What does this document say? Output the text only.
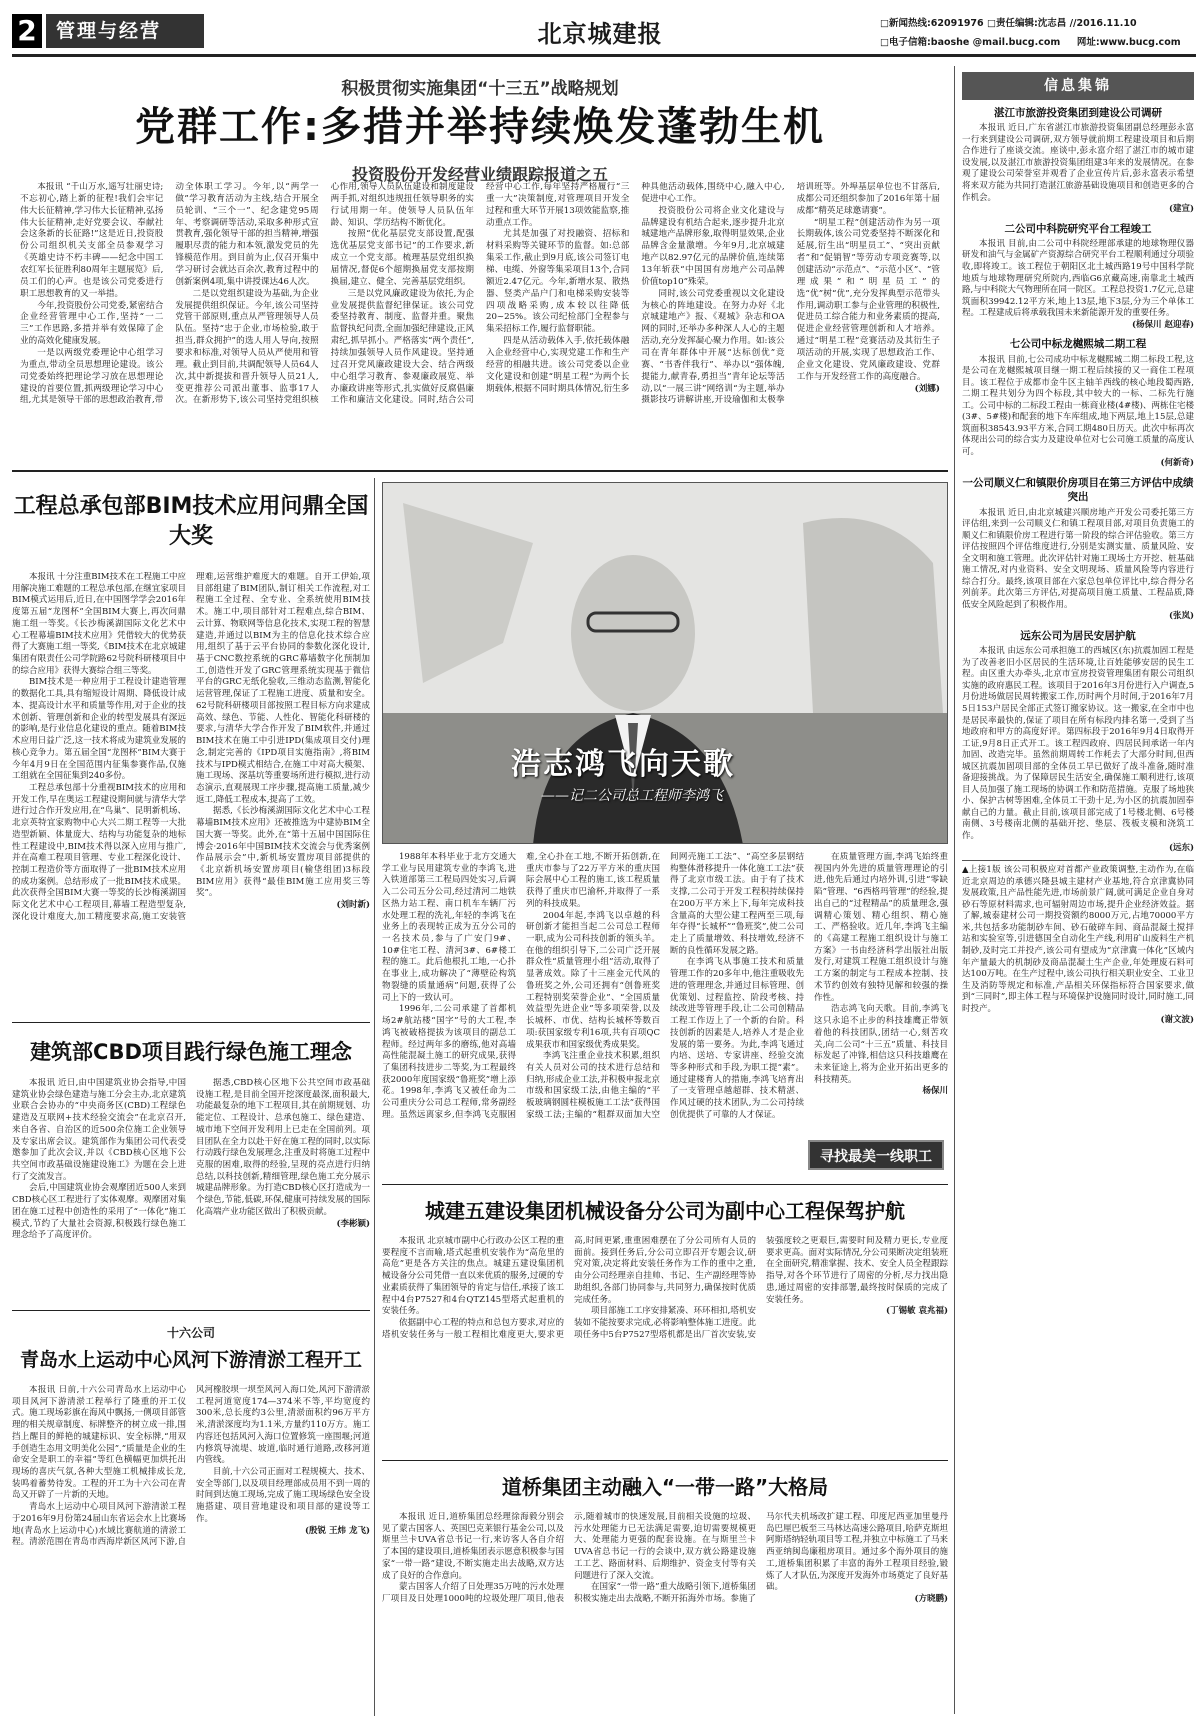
2	管理与经营	北京城建报	□新闻热线:62091976 □责任编辑:沈志昌 //2016.11.10
□电子信箱:baoshe @mail.bucg.com 网址:www.bucg.com
积极贯彻实施集团“十三五”战略规划
党群工作:多措并举持续焕发蓬勃生机
投资股份开发经营业绩跟踪报道之五

本报讯 “千山万水,遥写壮丽史诗;不忘初心,踏上新的征程!我们会牢记伟大长征精神,学习伟大长征精神,弘扬伟大长征精神,走好党要会议、奉献社会这条新的长征路!”这是近日,投资股份公司组织机关支部全员参观学习《英雄史诗不朽丰碑——纪念中国工农红军长征胜利80周年主题展览》后,员工们的心声。也是该公司党委进行职工思想教育的又一举措。

今年,投资股份公司党委,紧密结合企业经营管理中心工作,坚持“一二三”工作思路,多措并举有效保障了企业的高效化健康发展。

一是以两级党委理论中心组学习为重点,带动全员思想理论建设。该公司党委始终把理论学习放在思想理论建设的首要位置,抓两级理论学习中心组,尤其是领导干部的思想政治教育,带动全体职工学习。今年,以“两学一做”学习教育活动为主线,结合开展全员轮训、“三个一”、纪念建党95周年、考察调研等活动,采取多种形式宣贯教育,强化领导干部的担当精神,增强履职尽责的能力和本领,激发党员的先锋模范作用。到目前为止,仅召开集中学习研讨会就达百余次,教育过程中的创新案例4项,集中讲授课达46人次。

二是以党组织建设为基础,为企业发展提供组织保证。今年,该公司坚持党管干部原则,重点从严管理领导人员队伍。坚持“忠于企业,市场检验,敢于担当,群众拥护”的选人用人导向,按照要求和标准,对领导人员从严使用和管理。截止到目前,共调配领导人员64人次,其中新提拔和晋升领导人员21人,变更推荐公司派出董事、监事17人次。在新形势下,该公司坚持党组织核心作用,领导人员队伍建设和制度建设两手抓,对组织违规扭任领导职务的实行试用期一年。使领导人员队伍年龄、知识、学历结构不断优化。

按照“优化基层党支部设置,配强选优基层党支部书记”的工作要求,新成立一个党支部。梳理基层党组织换届情况,督促6个超期换届党支部按期换届,建立、健全、完善基层党组织。

三是以党风廉政建设为依托,为企业发展提供监督纪律保证。该公司党委坚持教育、制度、监督并重。聚焦监督执纪问责,全面加强纪律建设,正风肃纪,抓早抓小。严格落实“两个责任”,持续加强领导人员作风建设。坚持通过召开党风廉政建设大会、结合两级中心组学习教育、参观廉政展览、举办廉政讲座等形式,扎实做好反腐倡廉工作和廉洁文化建设。同时,结合公司经营中心工作,每年坚持严格履行“三重一大”决策制度,对管理项目开发全过程和重大环节开展13项效能监察,推动重点工作。

尤其是加强了对投融资、招标和材料采购等关键环节的监督。如:总部集采工作,截止到9月底,该公司签订电梯、电缆、外窗等集采项目13个,合同额近2.47亿元。今年,新增水泵、散热器、竖类产品户门和电梯采购安装等四项战略采购,成本较以往降低20~25%。该公司纪检部门全程参与集采招标工作,履行监督职能。

四是从活动载体入手,依托载体融入企业经营中心,实现党建工作和生产经营的相融共进。该公司党委以企业文化建设和创建“明星工程”为两个长期载体,根据不同时期具体情况,衍生多种具他活动载体,围绕中心,融入中心,促进中心工作。

投资股份公司将企业文化建设与品牌建设有机结合起来,逐步提升北京城建地产品牌形象,取得明显效果,企业品牌含金量激增。今年9月,北京城建地产以82.97亿元的品牌价值,连续第13年斩获“中国国有房地产公司品牌价值top10”殊荣。

同时,该公司党委重视以文化建设为核心的阵地建设。在努力办好《北京城建地产》报、《观城》杂志和OA网的同时,还举办多种深人人心的主题活动,充分发挥凝心聚力作用。如:该公司在青年群体中开展“达标创优”竞赛、“书香伴我行”、举办以“强体魄,提能力,献青春,勇担当”青年论坛等活动,以“一展三讲”网络训“为主题,举办摄影技巧讲解讲座,开设瑜伽和太极拳培训班等。外埠基层单位也不甘落后,成都公司还组织参加了2016年第十届成都“精英足球邀请赛”。

“明星工程”创建活动作为另一项长期载体,该公司党委坚持不断深化和延展,衍生出“明星员工”、“突出贡献者”和“促销智”等劳动专项竞赛等,以创建活动“示范点”、“示范小区”、“管理成果”和“明星员工”的选“优”树“优”,充分发挥典型示范带头作用,调动职工参与企业管理的积极性,促进员工综合能力和业务素质的提高,促进企业经营管理创新和人才培养。通过“明星工程”竞赛活动及其衍生子项活动的开展,实现了思想政治工作、企业文化建设、党风廉政建设、党群工作与开发经营工作的高度融合。

(刘娜)
信息集锦
湛江市旅游投资集团到建设公司调研

本报讯 近日,广东省湛江市旅游投资集团副总经理彭永富一行来到建设公司调研,双方领导就前期工程建设项目和后期合作进行了座谈交流。座谈中,彭永富介绍了湛江市的城市建设发展,以及湛江市旅游投资集团组建3年来的发展情况。在参观了建设公司荣誉室并观看了企业宣传片后,彭永富表示希望将来双方能为共同打造湛江旅游基础设施项目和创造更多的合作机会。

(建宣)
二公司中科院研究平台工程竣工

本报讯 目前,由二公司中科院经理部承建的地球物理仪器研发和油气与金属矿产资源综合研究平台工程顺利通过分项验收,即将竣工。该工程位于朝阳区北土城西路19号中国科学院地质与地球物理研究所院内,西临G6京藏高速,南靠北土城西路,与中科院大气物理所在同一院区。工程总投资1.7亿元,总建筑面积39942.12平方米,地上13层,地下3层,分为三个单体工程。工程建成后将承载我国未来新能源开发的重要任务。

(杨保川 赵迎春)
七公司中标龙樾熙城二期工程

本报讯 目前,七公司成功中标龙樾熙城二期二标段工程,这是公司在龙樾熙城项目继一期工程后续接的又一商住工程项目。该工程位于成都市金牛区主轴羊西线的核心地段蜀西路,二期工程共划分为四个标段,其中较大的一标、二标先行施工。公司中标的二标段工程由一栋商业楼(4#楼)、两栋住宅楼(3#、5#楼)和配套的地下车库组成,地下两层,地上15层,总建筑面积38543.93平方米,合同工期480日历天。此次中标再次体现出公司的综合实力及建设单位对七公司施工质量的高度认可。

(何新奇)
一公司顺义仁和镇限价房项目在第三方评估中成绩突出

本报讯 近日,由北京城建兴顺房地产开发公司委托第三方评估组,来到一公司顺义仁和镇工程项目部,对项目负责施工的顺义仁和镇限价房工程进行第一阶段的综合评估验收。第三方评估按照四个评估维度进行,分别是实测实量、质量风险、安全文明和施工管理。此次评估针对施工现场土方开挖、桩基础施工情况,对内业资料、安全文明现场、质量风险等内容进行综合打分。最终,该项目部在六家总包单位评比中,综合得分名列前茅。此次第三方评估,对提高项目施工质量、工程品质,降低安全风险起到了积极作用。

(张岚)
远东公司为居民安居护航

本报讯 由远东公司承担施工的西城区(东)抗震加固工程是为了改善老旧小区居民的生活环境,让百姓能够安居的民生工程。由区重大办牵头,北京市宣房投资管理集团有限公司组织实施的政府惠民工程。该项目于2016年3月份进行入户调查,5月份进场做居民周转搬家工作,历时两个月时间,于2016年7月5日153户居民全部正式签订搬家协议。这一搬家,在全市中也是居民率最快的,保证了项目在所有标段内排名第一,受到了当地政府和甲方的高度好评。第四标段于2016年9月4日取得开工证,9月8日正式开工。该工程四政府、四居民间承诺一年内加固、改造完毕。虽然前期周转工作耗去了大部分时间,但西城区抗震加固项目部的全体员工早已做好了战斗准备,随时准备迎接挑战。为了保障居民生活安全,确保施工顺利进行,该项目人员加强了施工现场的协调工作和防范措施。克服了场地狭小、保护古树等困难,全体员工干劲十足,为小区的抗震加固奉献自己的力量。截止目前,该项目部完成了1号楼北侧、6号楼南侧、3号楼南北侧的基础开挖、垫层、筏板支模和浇筑工作。

(远东)

▲上接1版 该公司积极应对首都产业政策调整,主动作为,在临近北京周边的承德兴隆县城主建材产业基地,符合京津冀协同发展政策,且产品性能先进,市场前景广阔,就可满足企业自身对砂石等原材料需求,也可辐射周边市场,提升企业经济效益。据了解,城泰建材公司一期投资额约8000万元,占地70000平方米,共包括多功能制砂车间、砂石破碎车间、商品混凝土搅拌站和实验室等,引进德国全自动化生产线,利用矿山废料生产机制砂,及时完工并投产,该公司有望成为“京津冀一体化”区域内年产量最大的机制砂及商品混凝土生产企业,年处理废石料可达100万吨。在生产过程中,该公司执行相关职业安全、工业卫生及消防等规定和标准,产品相关环保指标符合国家要求,做到“三同时”,即主体工程与环境保护设施同时设计,同时施工,同时投产。

(谢文波)
工程总承包部BIM技术应用问鼎全国大奖

本报讯 十分注重BIM技术在工程施工中应用解决施工难题的工程总承包部,在继宜家项目BIM模式运用后,近日,在中国图学学会2016年度第五届“龙图杯”全国BIM大赛上,再次问鼎施工组一等奖。《长沙梅溪湖国际文化艺术中心工程幕墙BIM技术应用》凭借较大的优势获得了大赛施工组一等奖,《BIM技术在北京城建集团有限责任公司学院路62号院科研楼项目中的综合应用》获得大赛综合组三等奖。

BIM技术是一种应用于工程设计建造管理的数据化工具,具有缩短设计周期、降低设计成本、提高设计水平和质量等作用,对于企业的技术创新、管理创新和企业的转型发展具有深远的影响,是行业信息化建设的重点。随着BIM技术应用日益广泛,这一技术将成为建筑业发展的核心竞争力。第五届全国“龙图杯”BIM大赛于今年4月9日在全国范围内征集参赛作品,仅施工组就在全国征集到240多份。

工程总承包部十分重视BIM技术的应用和开发工作,早在奥运工程建设期间就与清华大学进行过合作开发应用,在“鸟巢”、昆明新机场、北京英特宜家购物中心大兴二期工程等一大批造型新颖、体量庞大、结构与功能复杂的地标性工程建设中,BIM技术得以深入应用与推广,并在高难工程项目管理、专业工程深化设计、控制工程造价等方面取得了一批BIM技术应用的成功案例。总结形成了一批BIM技术成果。此次获得全国BIM大赛一等奖的长沙梅溪湖国际文化艺术中心工程项目,幕墙工程造型复杂,深化设计难度大,加工精度要求高,施工安装管理难,运营维护难度大的难题。自开工伊始,项目部组建了BIM团队,制订相关工作流程,对工程施工全过程、全专业、全系统使用BIM技术。施工中,项目部针对工程难点,综合BIM、云计算、物联网等信息化技术,实现工程的智慧建造,并通过以BIM为主的信息化技术综合应用,组织了基于云平台协同的参数化深化设计,基于CNC数控系统的GRC幕墙数字化预制加工,创造性开发了GRC管理系统实现基于微信平台的GRC无纸化验收,三维动态监测,智能化运营管理,保证了工程施工进度、质量和安全。62号院科研楼项目部按照工程目标方向求建成高效、绿色、节能、人性化、智能化科研楼的要求,与清华大学合作开发了BIM软件,并通过BIM技术在施工中引进IPD(集成项目交付)理念,制定完善的《IPD项目实施指南》,将BIM技术与IPD模式相结合,在施工中对高大模架、施工现场、深基坑等重要场所进行模拟,进行动态演示,直观展现工序步骤,提高施工质量,减少返工,降低工程成本,提高了工效。

据悉,《长沙梅溪湖国际文化艺术中心工程幕墙BIM技术应用》还被推选为中建协BIM全国大赛一等奖。此外,在“第十五届中国国际住博会·2016年中国BIM技术交流会与优秀案例作品展示会”中,新机场安置房项目部提供的《北京新机场安置房项目(榆垡组团)3标段BIM应用》获得“最佳BIM施工应用奖三等奖”。

(刘时新)
建筑部CBD项目践行绿色施工理念

本报讯 近日,由中国建筑业协会指导,中国建筑业协会绿色建造与施工分会主办,北京建筑业联合会协办的“中央商务区(CBD)工程绿色建造及互联网+技术经验交流会”在北京召开,来自各省、自治区的近500余位施工企业领导及专家出席会议。建筑部作为集团公司代表受邀参加了此次会议,并以《CBD核心区地下公共空间市政基础设施建设施工》为题在会上进行了交流发言。

会后,中国建筑业协会观摩团近500人来到CBD核心区工程进行了实体观摩。观摩团对集团在施工过程中创造性的采用了“一体化”施工模式,节约了大量社会资源,积极践行绿色施工理念给予了高度评价。

据悉,CBD核心区地下公共空间市政基础设施工程,是目前全国开挖深度最深,面积最大,功能最复杂的地下工程项目,其在前期规划、功能定位、工程设计、总承包施工、绿色建造、城市地下空间开发利用上已走在全国前列。项目团队在全力以赴干好在施工程的同时,以实际行动践行绿色发展理念,注重及时将施工过程中克服的困难,取得的经验,呈现的亮点进行归纳总结,以科技创新,精细管理,绿色施工充分展示城建品牌形象。为打造CBD核心区打造成为一个绿色,节能,低碳,环保,健康可持续发展的国际化高端产业功能区做出了积极贡献。

(李彬颖)
十六公司
青岛水上运动中心风河下游清淤工程开工

本报讯 日前,十六公司青岛水上运动中心项目风河下游清淤工程举行了隆重的开工仪式。施工现场彩旗在海风中飘扬,一侧项目部管理的相关规章制度、标牌整齐的树立成一排,围挡上醒目的鲜艳的城建标识、安全标牌,“用双手创造生态用文明美化公园”,“质量是企业的生命安全是职工的幸福”等红色横幅更加烘托出现场的喜庆气氛,各种大型施工机械排成长龙,装鸣着蓄势待发。工程的开工为十六公司在青岛又开辟了一片新的天地。

青岛水上运动中心项目风河下游清淤工程于2016年9月份第24届山东省运会水上比赛场地(青岛水上运动中心)水域比赛航道的清淤工程。清淤范围在青岛市西海岸新区风河下游,自风河橡胶坝一坝至风河入海口处,风河下游清淤工程河道宽度174—374米不等,平均宽度约300米,总长度约3公里,清淤面积约96万平方米,清淤深度均为1.1米,方量约110万方。施工内容还包括风河入海口位置修筑一座围堰;河道内修筑导流堤、坡道,临时通行道路,改移河道内管线。

目前,十六公司正面对工程规模大、技术、安全等部门,以及项目经理部成员用不到一周的时间到达施工现场,完成了施工现场绿色安全设施搭建、项目营地建设和项目部的建设等工作。

(殷锐 王炜 龙飞)
浩志鸿飞向天歌
——记二公司总工程师李鸿飞

1988年本科毕业于北方交通大学工业与民用建筑专业的李鸿飞,进入铁道部第三工程局四处实习,后调入二公司五分公司,经过清河二地铁区热力站工程、南口机车车辆厂污水处理工程的洗礼,年轻的李鸿飞在业务上的表现转正成为五分公司的一名技术员,参与了广安门9#、10#住宅工程、清河3#、6#楼工程的施工。此后他根扎工地,一心扑在事业上,成功解决了“薄壁砼构筑物裂缝的质量通病”问题,获得了公司上下的一致认可。

1996年,二公司承建了首都机场2#航站楼“国字”号的大工程,李鸿飞被破格提拔为该项目的副总工程师。经过两年多的磨练,他对高墙高性能混凝土施工的研究成果,获得了集团科技进步二等奖,为工程最终获2000年度国家级“鲁班奖”增上添花。1998年,李鸿飞又被任命为二公司重庆分公司总工程师,常务副经理。虽然远离家乡,但李鸿飞克服困难,全心扑在工地,不断开拓创新,在重庆市参与了22万平方米的重庆国际会展中心工程的施工,该工程质量获得了重庆市巴渝杯,并取得了一系列的科技成果。

2004年起,李鸿飞以卓越的科研创新才能担当起二公司总工程师一职,成为公司科技创新的领头羊。在他的组织引导下,二公司广泛开展群众性“质量管理小组”活动,取得了显著成效。除了十三座金元代风的鲁班奖之外,公司还拥有“创鲁班奖工程特别奖荣誉企业”、“全国质量效益型先进企业”等多项荣誉,以及长城杯、市优、结构长城杯等数百项:获国家级专利16项,共有百项QC成果获市和国家级优秀成果奖。

李鸿飞注重企业技术积累,组织有关人员对公司的技术进行总结和归纳,形成企业工法,并积极申报北京市级和国家级工法,由他主编的“平板玻璃钢圆柱模板施工工法”获得国家级工法;主编的“粗群双面加大空间网壳施工工法”、“高空多层钢结构整体滑移提升一体化施工工法”获得了北京市级工法。由于有了技术支撑,二公司于开发工程积持续保持在200万平方米上下,每年完成科技含量高的大型公建工程两至三项,每年夺得“长城杯”“鲁班奖”,使二公司走上了质量增效、科技增效,经济不断的良性循环发展之路。

在李鸿飞从事施工技术和质量管理工作的20多年中,他注重吸收先进的管理理念,并通过目标管理、创优策划、过程监控、阶段考核、持续改进等管理手段,让二公司创精品工程工作迈上了一个新的台阶。科技创新的因素是人,培养人才是企业发展的第一要务。为此,李鸿飞通过内培、送培、专家讲座、经验交流等多种形式和手段,为职工提“素”。通过建楼育人的措施,李鸿飞培育出了一支管理卓越超群、技术精湛、作风过硬的技术团队,为二公司持续创优提供了可靠的人才保证。

在质量管理方面,李鸿飞始终重视国内外先进的质量管理理论的引进,他先后通过内培外训,引进“零缺陷”管理、“6西格玛管理”的经验,提出自己的“过程精品”的质量理念,强调精心策划、精心组织、精心施工、严格验收。近几年,李鸿飞主编的《高建工程施工组织设计与施工方案》一书由经济科学出版社出版发行,对建筑工程施工组织设计与施工方案的制定与工程成本控制、技术节约创效有独特见解和较强的操作性。

浩志鸿飞向天歌。目前,李鸿飞这只永追不止步的科技雄鹰正带领着他的科技团队,团结一心,刻苦攻关,向二公司“十三五”质量、科技目标发起了冲锋,相信这只科技雄鹰在未来征途上,将为企业开拓出更多的科技精英。

杨保川
寻找最美一线职工
城建五建设集团机械设备分公司为副中心工程保驾护航

本报讯 北京城市副中心行政办公区工程的重要程度不言而喻,塔式起重机安装作为“高危里的高危”更是各方关注的焦点。城建五建设集团机械设备分公司凭借一直以来优质的服务,过硬的专业素质获得了集团领导的肯定与信任,承接了该工程中4台P7527和4台QTZ145型塔式起重机的安装任务。

依据副中心工程的特点和总包方要求,对应的塔机安装任务与一般工程相比难度更大,要求更高,时间更紧,重重困难摆在了分公司所有人员的面前。接到任务后,分公司立即召开专题会议,研究对策,决定将此安装任务作为工作的重中之重,由分公司经理亲自挂帅、书记、生产副经理等协助组织,各部门协同参与,共同努力,确保按时优质完成任务。

项目部施工工序安排紧凑、环环相扣,塔机安装如不能按要求完成,必将影响整体施工进度。此项任务中5台P7527型塔机都是出厂首次安装,安装强度较之更艰巨,需要时间及精力更长,专业度要求更高。面对实际情况,分公司果断决定组装班在全面研究,精准掌握、技术、安全人员全程跟踪指导,对各个环节进行了周密的分析,尽力找出隐患,通过周密的安排部署,最终按时保质的完成了安装任务。

(丁锡敏 袁兆福)
道桥集团主动融入“一带一路”大格局

本报讯 近日,道桥集团总经理徐海毅分别会见了蒙古国客人、英国巴克莱银行基金公司,以及斯里兰卡UVA省总书记一行,来访客人各自介绍了本国的建设项目,道桥集团表示愿意积极参与国家“一带一路”建设,不断实施走出去战略,双方达成了良好的合作意向。

蒙古国客人介绍了日处理35万吨的污水处理厂项目及日处理1000吨的垃圾处理厂项目,他表示,随着城市的快速发展,目前相关设施的垃圾、污水处理能力已无法满足需要,迫切需要规模更大、处理能力更强的配套设施。在与斯里兰卡UVA省总书记一行的会谈中,双方就公路建设施工工艺、路面材料、后期维护、资金支付等有关问题进行了深入交流。

在国家“一带一路”重大战略引领下,道桥集团积极实施走出去战略,不断开拓海外市场。参施了马尔代夫机场改扩建工程、印度尼西亚加里曼丹岛巴厘巴板至三马林达高速公路项目,哈萨克斯坦阿斯塔纳轻轨项目等工程,并独立中标施工了马来西亚纳闽岛廉租房项目。通过多个海外项目的施工,道桥集团积累了丰富的海外工程项目经验,锻炼了人才队伍,为深度开发海外市场奠定了良好基础。

(方晓鹏)
